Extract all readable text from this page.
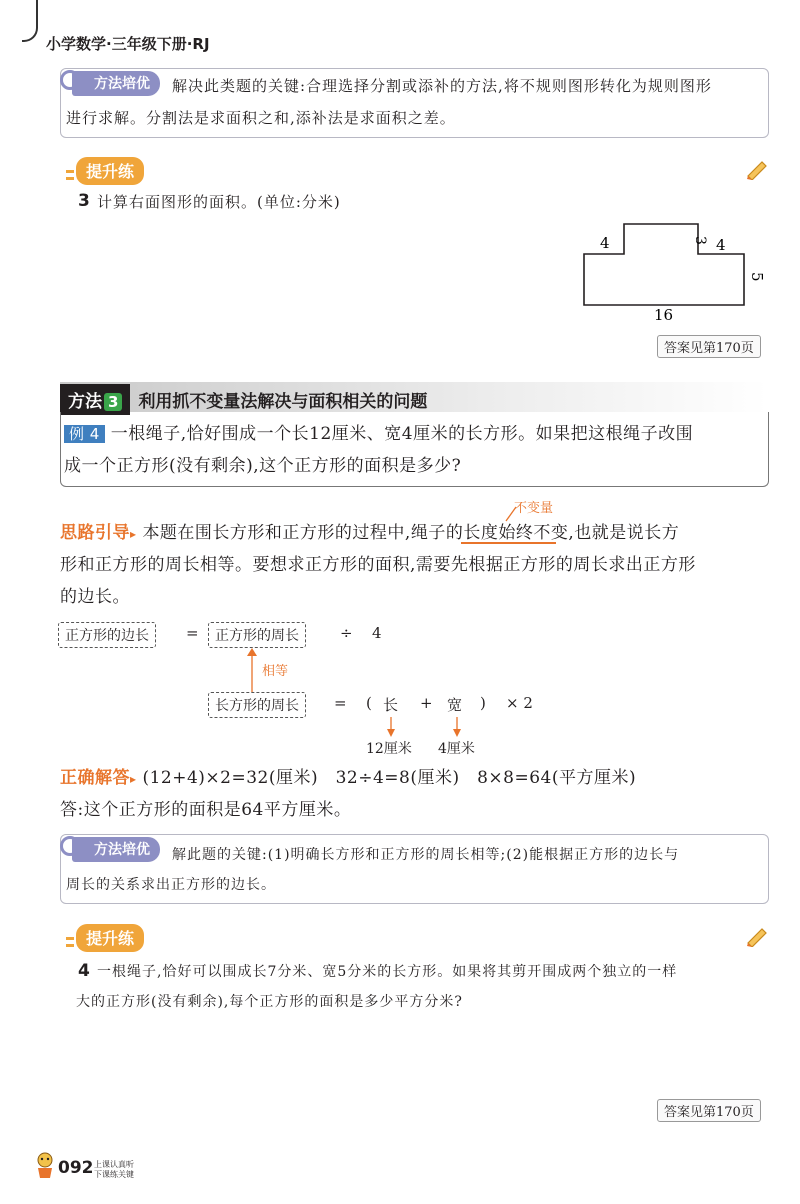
小学数学·三年级下册·RJ
方法培优	解决此类题的关键:合理选择分割或添补的方法,将不规则图形转化为规则图形
进行求解。分割法是求面积之和,添补法是求面积之差。
提升练
3 计算右面图形的面积。(单位:分米)
4	3 4
5
16
答案见第170页
方法 3	利用抓不变量法解决与面积相关的问题
例 4 一根绳子,恰好围成一个长12厘米、宽4厘米的长方形。如果把这根绳子改围
成一个正方形(没有剩余),这个正方形的面积是多少?
不变量
思路引导▸ 本题在围长方形和正方形的过程中,绳子的长度始终不变,也就是说长方
形和正方形的周长相等。要想求正方形的面积,需要先根据正方形的周长求出正方形
的边长。
正方形的边长	=	正方形的周长	÷ 4
相等
长方形的周长	= ( 长 + 宽 ) × 2
12厘米 4厘米
正确解答▸ (12+4)×2=32(厘米)　32÷4=8(厘米)　8×8=64(平方厘米)
答:这个正方形的面积是64平方厘米。
方法培优	解此题的关键:(1)明确长方形和正方形的周长相等;(2)能根据正方形的边长与
周长的关系求出正方形的边长。
提升练
4 一根绳子,恰好可以围成长7分米、宽5分米的长方形。如果将其剪开围成两个独立的一样
大的正方形(没有剩余),每个正方形的面积是多少平方分米?
答案见第170页
092 上课认真听
下课练关键
